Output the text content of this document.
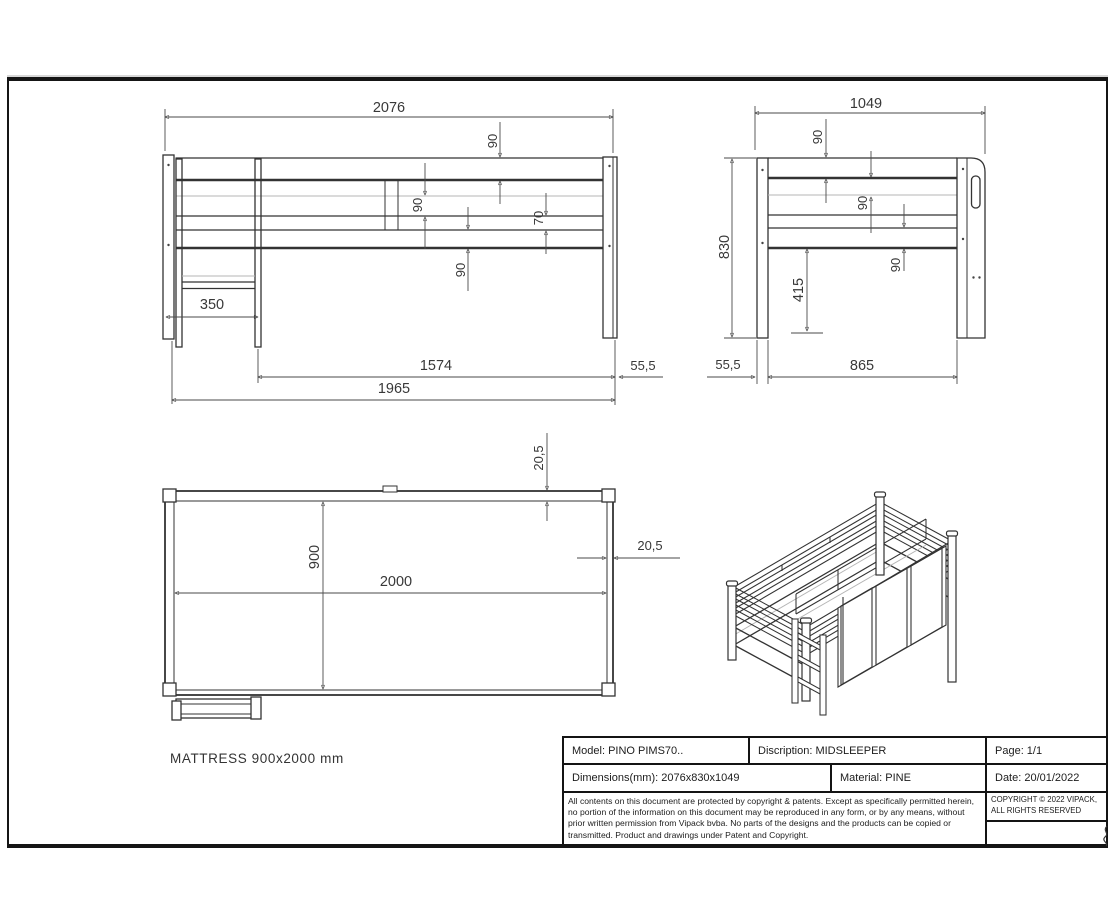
2076
90
90
70
90
350
1574	55,5
1965
1049
90
830
90
415
90
55,5	865
20,5
20,5
900
2000
MATTRESS 900x2000 mm
Model: PINO PIMS70..	Discription: MIDSLEEPER	Page: 1/1
Dimensions(mm): 2076x830x1049	Material: PINE	Date: 20/01/2022
All contents on this document are protected by copyright & patents. Except as specifically permitted herein, no portion of the information on this document may be reproduced in any form, or by any means, without prior written permission from Vipack bvba. No parts of the designs and the products can be copied or transmitted. Product and drawings under Patent and Copyright.
COPYRIGHT © 2022 VIPACK, ALL RIGHTS RESERVED
